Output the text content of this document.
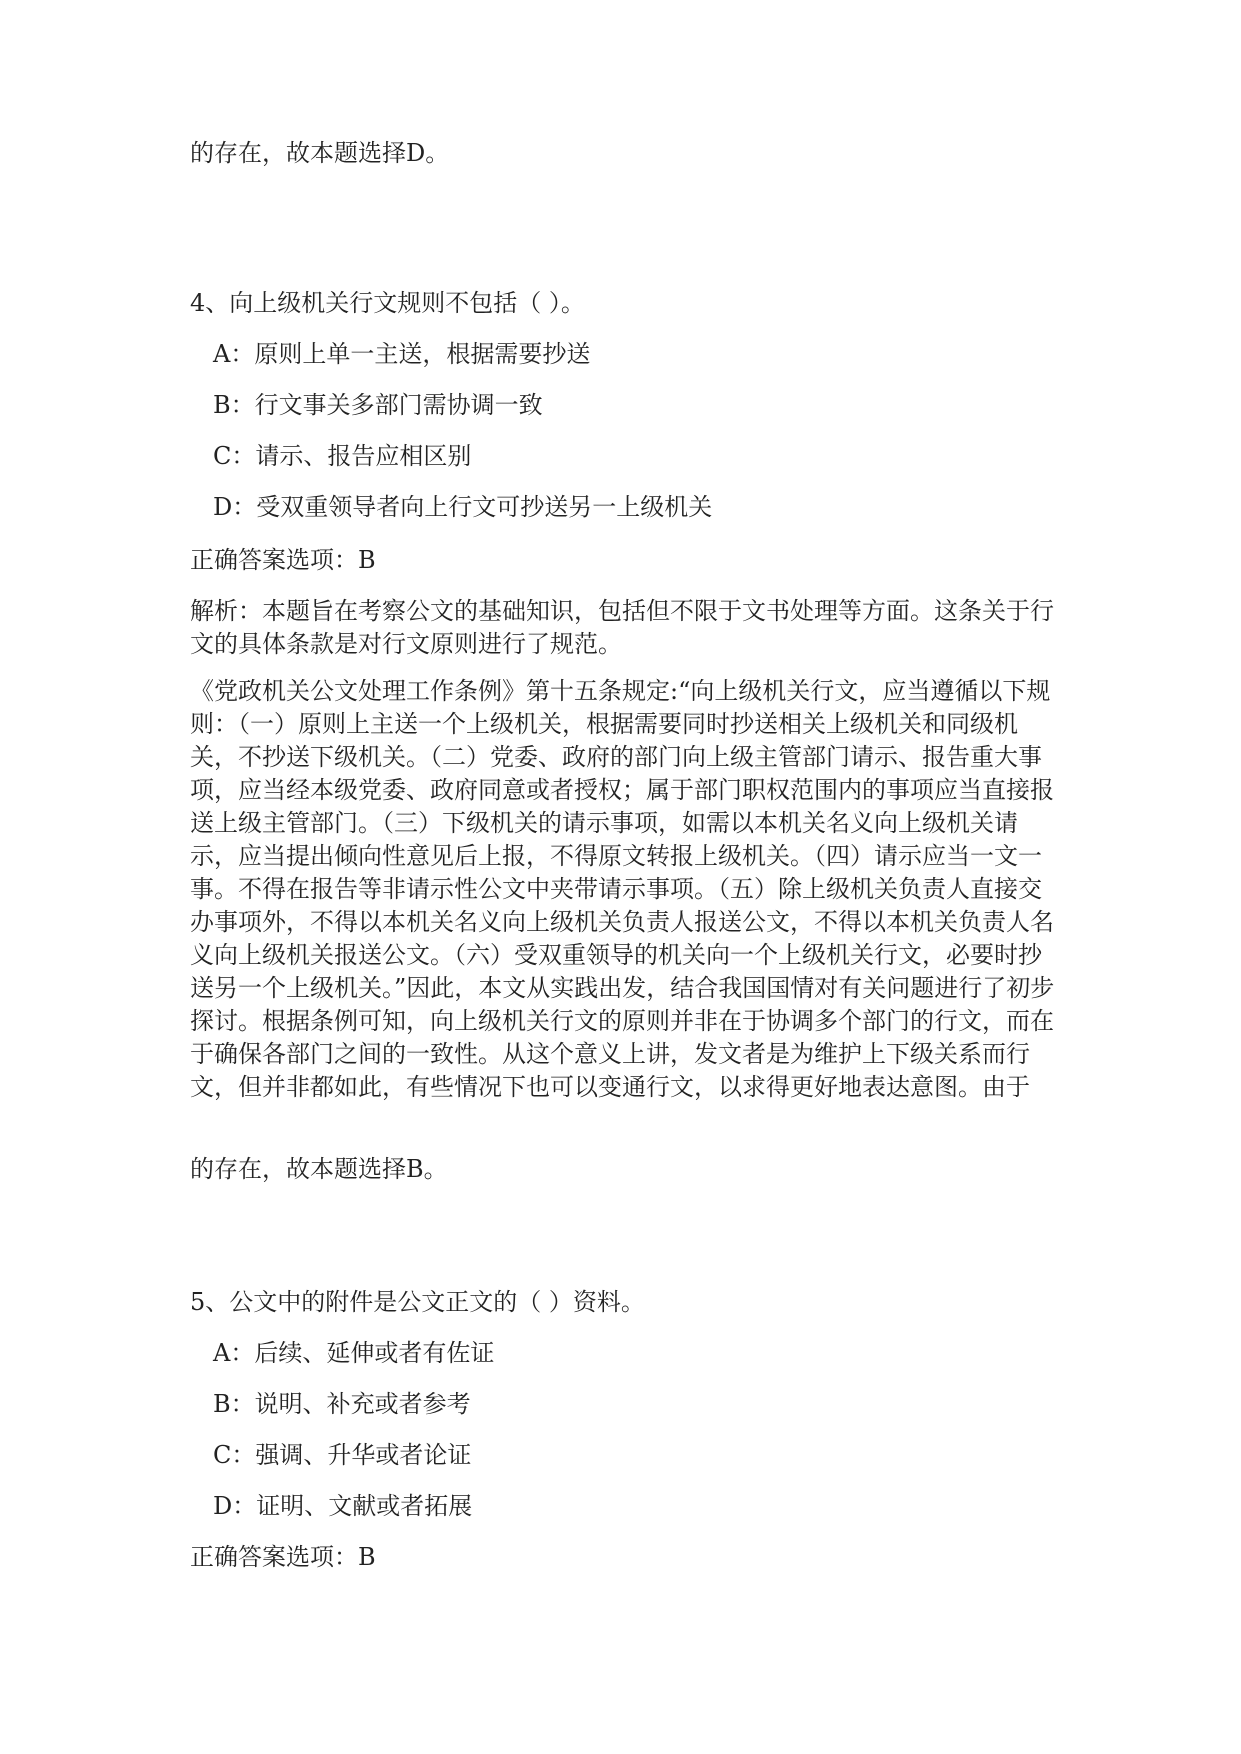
的存在，故本题选择D。
4、向上级机关行文规则不包括（ ）。
A：原则上单一主送，根据需要抄送
B：行文事关多部门需协调一致
C：请示、报告应相区别
D：受双重领导者向上行文可抄送另一上级机关
正确答案选项：B
解析：本题旨在考察公文的基础知识，包括但不限于文书处理等方面。这条关于行文的具体条款是对行文原则进行了规范。
《党政机关公文处理工作条例》第十五条规定:“向上级机关行文，应当遵循以下规则：（一）原则上主送一个上级机关，根据需要同时抄送相关上级机关和同级机关，不抄送下级机关。（二）党委、政府的部门向上级主管部门请示、报告重大事项，应当经本级党委、政府同意或者授权；属于部门职权范围内的事项应当直接报送上级主管部门。（三）下级机关的请示事项，如需以本机关名义向上级机关请示，应当提出倾向性意见后上报，不得原文转报上级机关。（四）请示应当一文一事。不得在报告等非请示性公文中夹带请示事项。（五）除上级机关负责人直接交办事项外，不得以本机关名义向上级机关负责人报送公文，不得以本机关负责人名义向上级机关报送公文。（六）受双重领导的机关向一个上级机关行文，必要时抄送另一个上级机关。”因此，本文从实践出发，结合我国国情对有关问题进行了初步探讨。根据条例可知，向上级机关行文的原则并非在于协调多个部门的行文，而在于确保各部门之间的一致性。从这个意义上讲，发文者是为维护上下级关系而行文，但并非都如此，有些情况下也可以变通行文，以求得更好地表达意图。由于
的存在，故本题选择B。
5、公文中的附件是公文正文的（ ）资料。
A：后续、延伸或者有佐证
B：说明、补充或者参考
C：强调、升华或者论证
D：证明、文献或者拓展
正确答案选项：B
